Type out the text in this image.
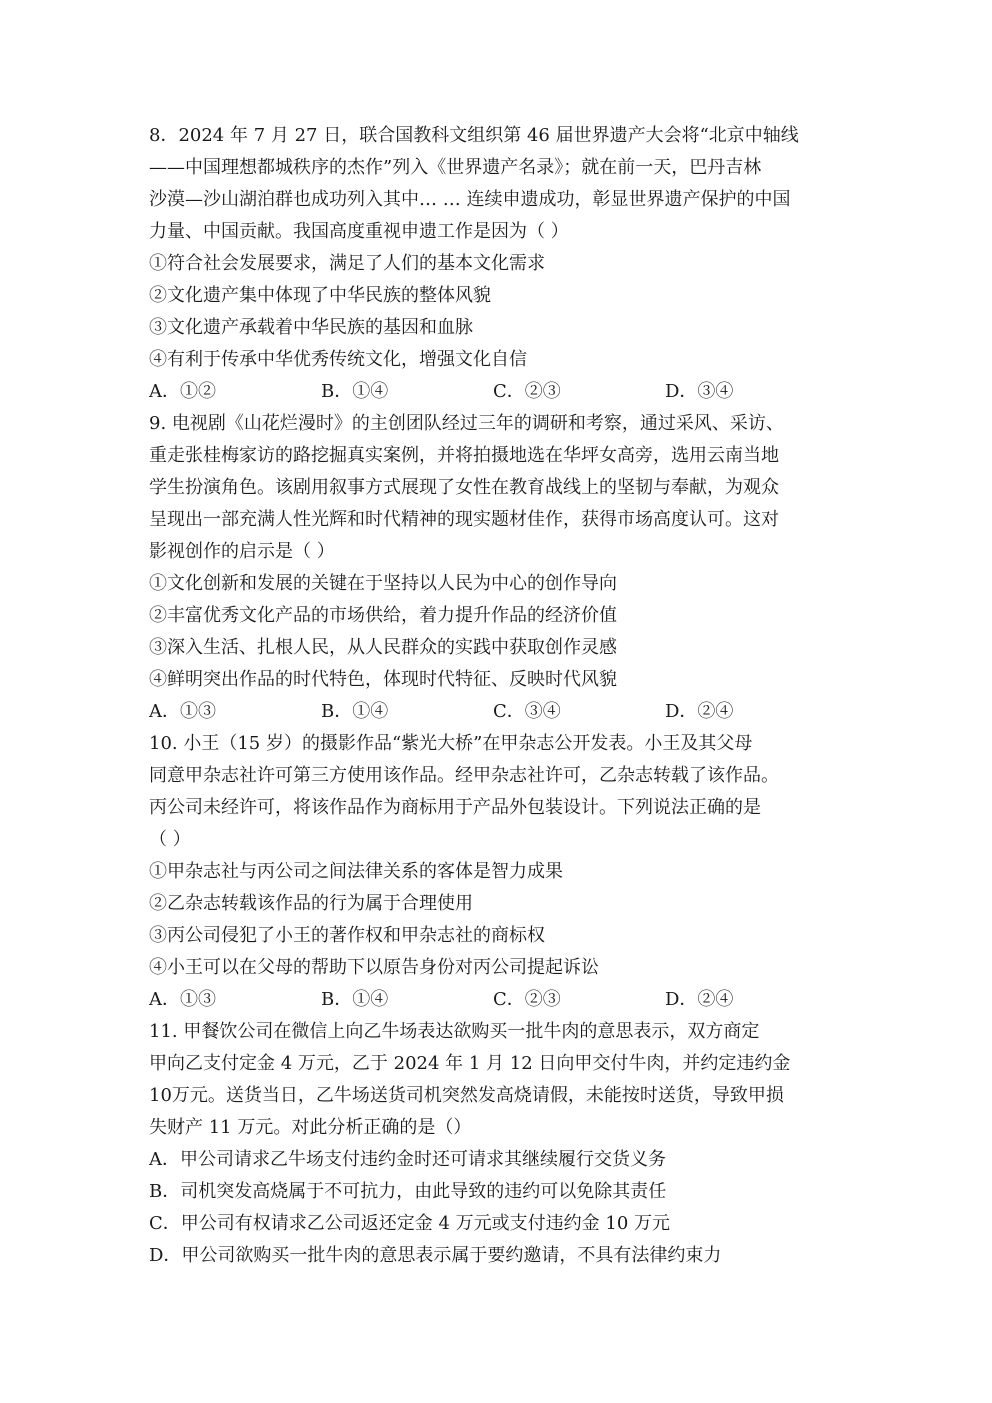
8．2024 年 7 月 27 日，联合国教科文组织第 46 届世界遗产大会将“北京中轴线
——中国理想都城秩序的杰作”列入《世界遗产名录》；就在前一天，巴丹吉林
沙漠—沙山湖泊群也成功列入其中… … 连续申遗成功，彰显世界遗产保护的中国
力量、中国贡献。我国高度重视申遗工作是因为（ ）
①符合社会发展要求，满足了人们的基本文化需求
②文化遗产集中体现了中华民族的整体风貌
③文化遗产承载着中华民族的基因和血脉
④有利于传承中华优秀传统文化，增强文化自信
A．①②	B．①④	C．②③	D．③④
9. 电视剧《山花烂漫时》的主创团队经过三年的调研和考察，通过采风、采访、
重走张桂梅家访的路挖掘真实案例，并将拍摄地选在华坪女高旁，选用云南当地
学生扮演角色。该剧用叙事方式展现了女性在教育战线上的坚韧与奉献，为观众
呈现出一部充满人性光辉和时代精神的现实题材佳作，获得市场高度认可。这对
影视创作的启示是（ ）
①文化创新和发展的关键在于坚持以人民为中心的创作导向
②丰富优秀文化产品的市场供给，着力提升作品的经济价值
③深入生活、扎根人民，从人民群众的实践中获取创作灵感
④鲜明突出作品的时代特色，体现时代特征、反映时代风貌
A．①③	B．①④	C．③④	D．②④
10. 小王（15 岁）的摄影作品“紫光大桥”在甲杂志公开发表。小王及其父母
同意甲杂志社许可第三方使用该作品。经甲杂志社许可，乙杂志转载了该作品。
丙公司未经许可，将该作品作为商标用于产品外包装设计。下列说法正确的是
（ ）
①甲杂志社与丙公司之间法律关系的客体是智力成果
②乙杂志转载该作品的行为属于合理使用
③丙公司侵犯了小王的著作权和甲杂志社的商标权
④小王可以在父母的帮助下以原告身份对丙公司提起诉讼
A．①③	B．①④	C．②③	D．②④
11. 甲餐饮公司在微信上向乙牛场表达欲购买一批牛肉的意思表示，双方商定
甲向乙支付定金 4 万元，乙于 2024 年 1 月 12 日向甲交付牛肉，并约定违约金
10万元。送货当日，乙牛场送货司机突然发高烧请假，未能按时送货，导致甲损
失财产 11 万元。对此分析正确的是（）
A．甲公司请求乙牛场支付违约金时还可请求其继续履行交货义务
B．司机突发高烧属于不可抗力，由此导致的违约可以免除其责任
C．甲公司有权请求乙公司返还定金 4 万元或支付违约金 10 万元
D．甲公司欲购买一批牛肉的意思表示属于要约邀请，不具有法律约束力
